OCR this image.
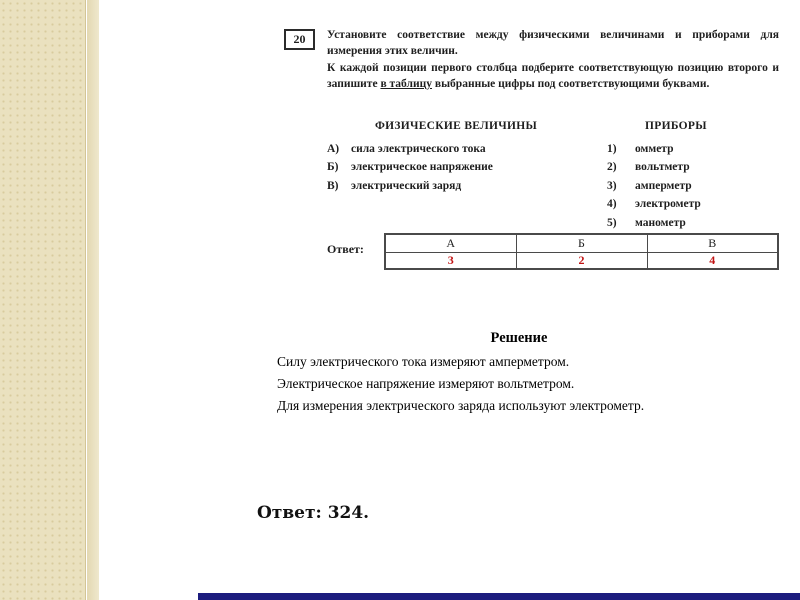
20 Установите соответствие между физическими величинами и приборами для измерения этих величин.

К каждой позиции первого столбца подберите соответствующую позицию второго и запишите в таблицу выбранные цифры под соответствующими буквами.

ФИЗИЧЕСКИЕ ВЕЛИЧИНЫ
А)	сила электрического тока
Б)	электрическое напряжение
В)	электрический заряд
ПРИБОРЫ
1)	омметр
2)	вольтметр
3)	амперметр
4)	электрометр
5)	манометр
Ответ:	А	Б	В
3	2	4
Решение
Силу электрического тока измеряют амперметром.
Электрическое напряжение измеряют вольтметром.
Для измерения электрического заряда используют электрометр.
Ответ: 324.
